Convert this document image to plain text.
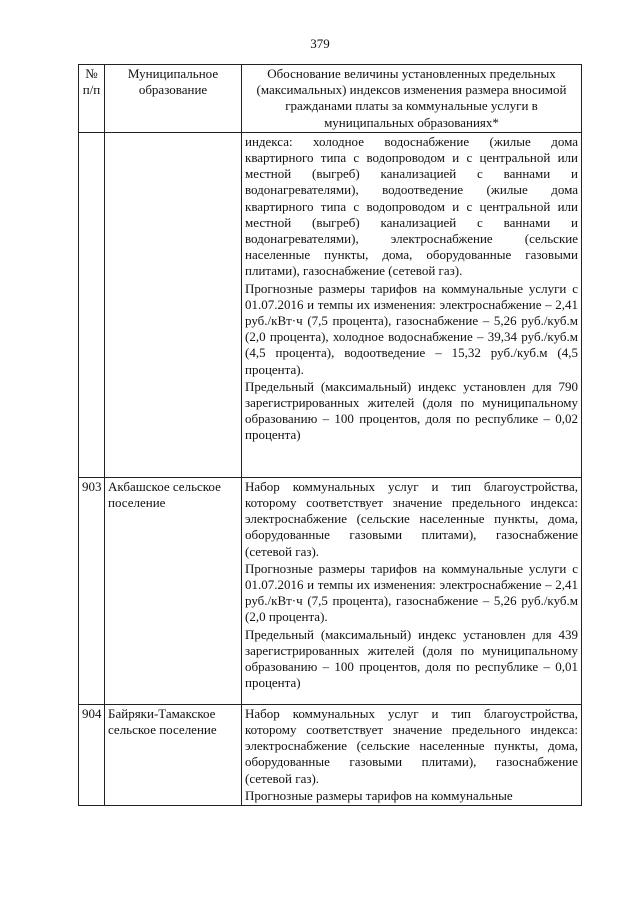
379
№ п/п	Муниципальное образование	Обоснование величины установленных предельных (максимальных) индексов изменения размера вносимой гражданами платы за коммунальные услуги в муниципальных образованиях*

		индекса: холодное водоснабжение (жилые дома квартирного типа с водопроводом и с центральной или местной (выгреб) канализацией с ваннами и водонагревателями), водоотведение (жилые дома квартирного типа с водопроводом и с центральной или местной (выгреб) канализацией с ваннами и водонагревателями), электроснабжение (сельские населенные пункты, дома, оборудованные газовыми плитами), газоснабжение (сетевой газ).

Прогнозные размеры тарифов на коммунальные услуги с 01.07.2016 и темпы их изменения: электроснабжение – 2,41 руб./кВт·ч (7,5 процента), газоснабжение – 5,26 руб./куб.м (2,0 процента), холодное водоснабжение – 39,34 руб./куб.м (4,5 процента), водоотведение – 15,32 руб./куб.м (4,5 процента).

Предельный (максимальный) индекс установлен для 790 зарегистрированных жителей (доля по муниципальному образованию – 100 процентов, доля по республике – 0,02 процента)

903	Акбашское сельское поселение	Набор коммунальных услуг и тип благоустройства, которому соответствует значение предельного индекса: электроснабжение (сельские населенные пункты, дома, оборудованные газовыми плитами), газоснабжение (сетевой газ).

Прогнозные размеры тарифов на коммунальные услуги с 01.07.2016 и темпы их изменения: электроснабжение – 2,41 руб./кВт·ч (7,5 процента), газоснабжение – 5,26 руб./куб.м (2,0 процента).

Предельный (максимальный) индекс установлен для 439 зарегистрированных жителей (доля по муниципальному образованию – 100 процентов, доля по республике – 0,01 процента)

904	Байряки-Тамакское сельское поселение	Набор коммунальных услуг и тип благоустройства, которому соответствует значение предельного индекса: электроснабжение (сельские населенные пункты, дома, оборудованные газовыми плитами), газоснабжение (сетевой газ).

Прогнозные размеры тарифов на коммунальные
